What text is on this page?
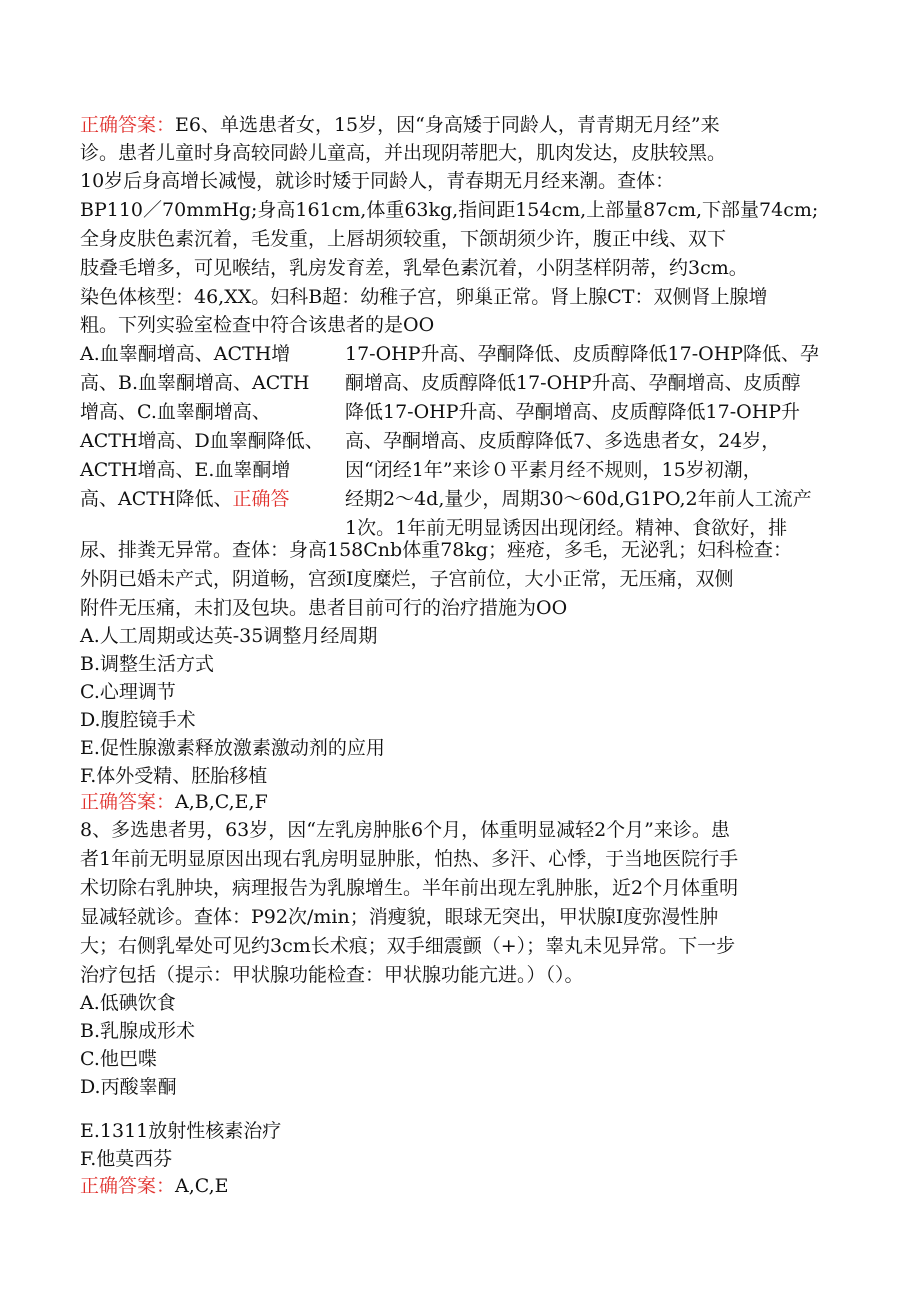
正确答案：E6、单选患者女，15岁，因“身高矮于同龄人，青青期无月经”来
诊。患者儿童时身高较同龄儿童高，并出现阴蒂肥大，肌肉发达，皮肤较黑。
10岁后身高增长减慢，就诊时矮于同龄人，青春期无月经来潮。查体：
BP110／70mmHg;身高161cm,体重63kg,指间距154cm,上部量87cm,下部量74cm;
全身皮肤色素沉着，毛发重，上唇胡须较重，下颌胡须少许，腹正中线、双下
肢叠毛增多，可见喉结，乳房发育差，乳晕色素沉着，小阴茎样阴蒂，约3cm。
染色体核型：46,XX。妇科B超：幼稚子宫，卵巢正常。肾上腺CT：双侧肾上腺增
粗。下列实验室检查中符合该患者的是OO
A.血睾酮增高、ACTH增
高、B.血睾酮增高、ACTH
增高、C.血睾酮增高、
ACTH增高、D血睾酮降低、
ACTH增高、E.血睾酮增
高、ACTH降低、正确答
17-OHP升高、孕酮降低、皮质醇降低17-OHP降低、孕
酮增高、皮质醇降低17-OHP升高、孕酮增高、皮质醇
降低17-OHP升高、孕酮增高、皮质醇降低17-OHP升
高、孕酮增高、皮质醇降低7、多选患者女，24岁，
因“闭经1年”来诊０平素月经不规则，15岁初潮，
经期2～4d,量少，周期30～60d,G1PO,2年前人工流产
1次。1年前无明显诱因出现闭经。精神、食欲好，排
尿、排粪无异常。查体：身高158Cnb体重78kg；痤疮，多毛，无泌乳；妇科检查：
外阴已婚未产式，阴道畅，宫颈I度糜烂，子宫前位，大小正常，无压痛，双侧
附件无压痛，未扪及包块。患者目前可行的治疗措施为OO
A.人工周期或达英-35调整月经周期
B.调整生活方式
C.心理调节
D.腹腔镜手术
E.促性腺激素释放激素激动剂的应用
F.体外受精、胚胎移植
正确答案：A,B,C,E,F
8、多选患者男，63岁，因“左乳房肿胀6个月，体重明显减轻2个月”来诊。患
者1年前无明显原因出现右乳房明显肿胀，怕热、多汗、心悸，于当地医院行手
术切除右乳肿块，病理报告为乳腺增生。半年前出现左乳肿胀，近2个月体重明
显减轻就诊。查体：P92次/min；消瘦貌，眼球无突出，甲状腺I度弥漫性肿
大；右侧乳晕处可见约3cm长术痕；双手细震颤（+）；睾丸未见异常。下一步
治疗包括（提示：甲状腺功能检查：甲状腺功能亢进。）（）。
A.低碘饮食
B.乳腺成形术
C.他巴喋
D.丙酸睾酮
E.1311放射性核素治疗
F.他莫西芬
正确答案：A,C,E
